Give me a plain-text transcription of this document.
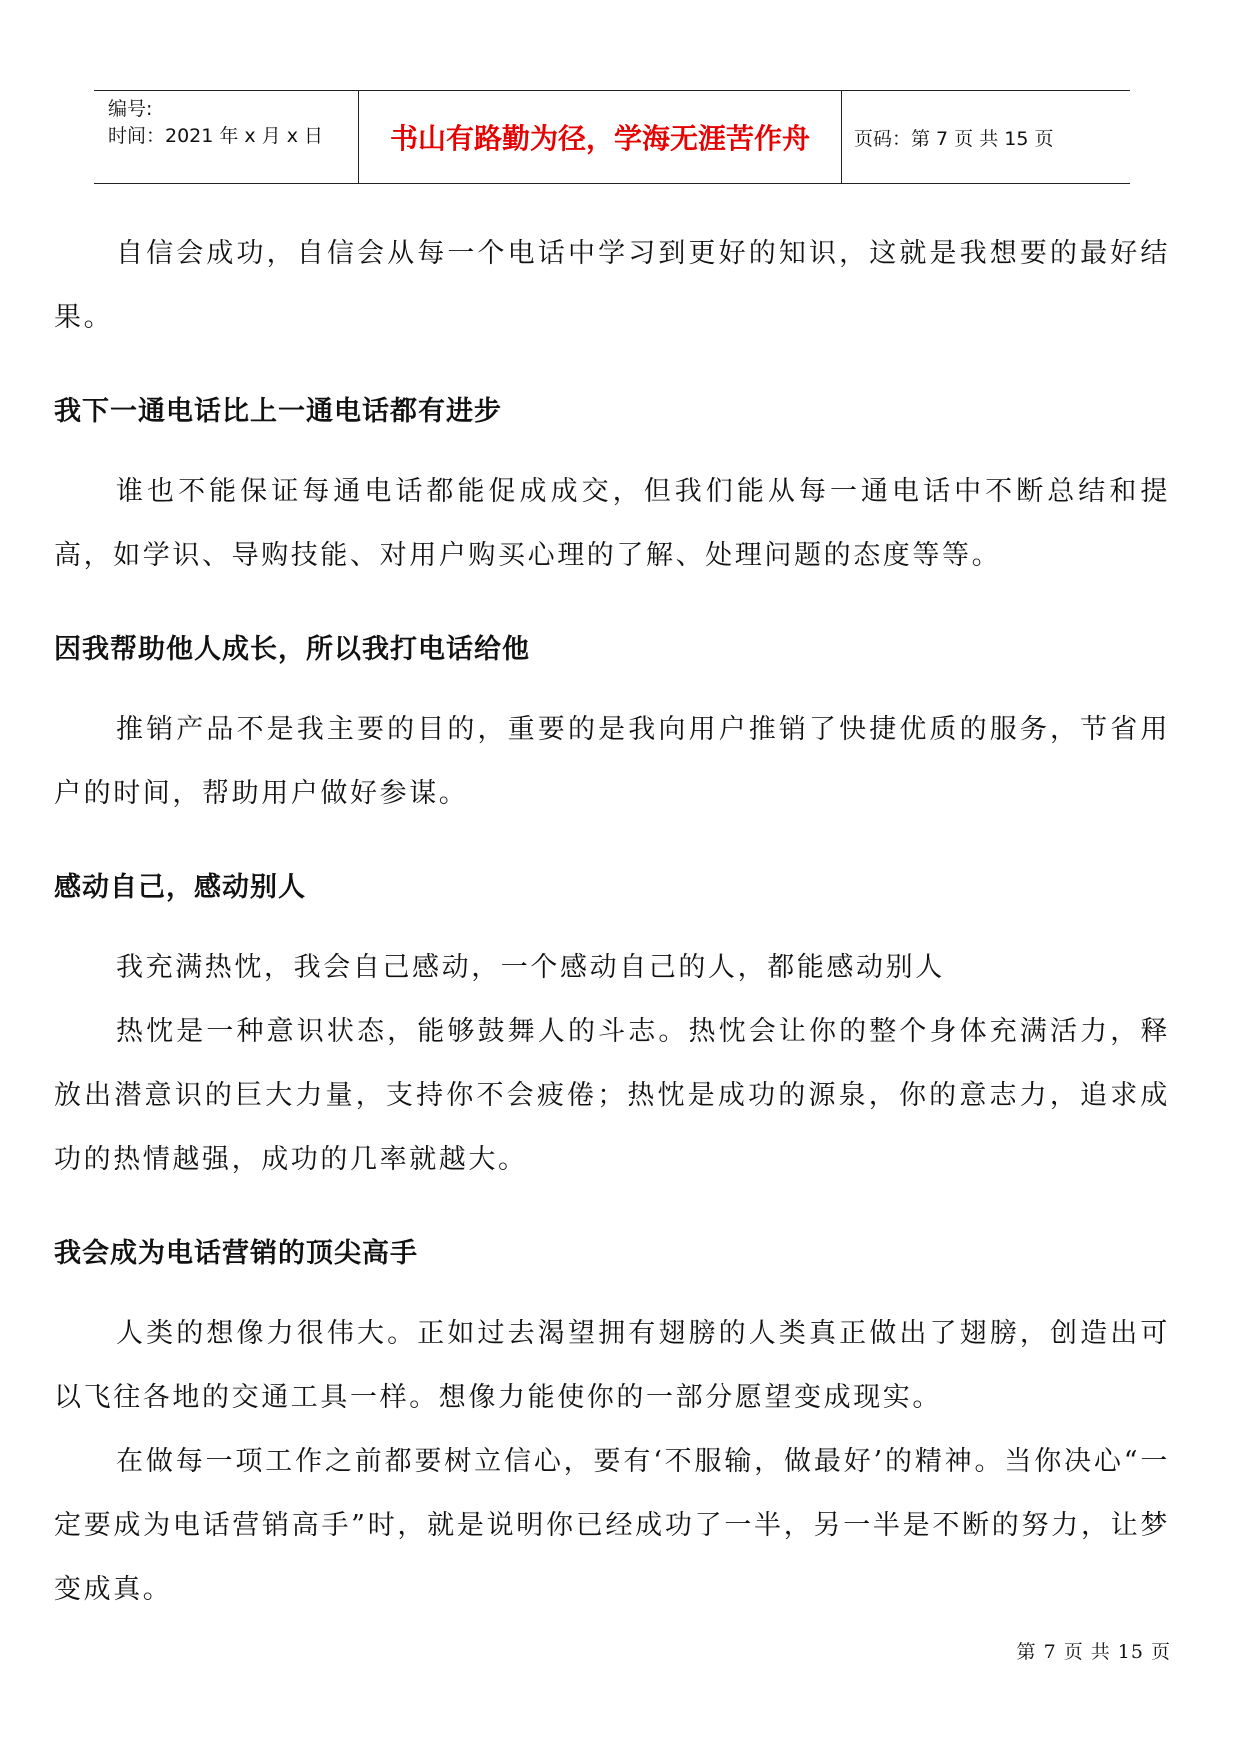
编号:
时间：2021 年 x 月 x 日 书山有路勤为径，学海无涯苦作舟 页码：第 7 页 共 15 页

自信会成功，自信会从每一个电话中学习到更好的知识，这就是我想要的最好结果。

我下一通电话比上一通电话都有进步

谁也不能保证每通电话都能促成成交，但我们能从每一通电话中不断总结和提高，如学识、导购技能、对用户购买心理的了解、处理问题的态度等等。

因我帮助他人成长，所以我打电话给他

推销产品不是我主要的目的，重要的是我向用户推销了快捷优质的服务，节省用户的时间，帮助用户做好参谋。

感动自己，感动别人

我充满热忱，我会自己感动，一个感动自己的人，都能感动别人

热忱是一种意识状态，能够鼓舞人的斗志。热忱会让你的整个身体充满活力，释放出潜意识的巨大力量，支持你不会疲倦；热忱是成功的源泉，你的意志力，追求成功的热情越强，成功的几率就越大。

我会成为电话营销的顶尖高手

人类的想像力很伟大。正如过去渴望拥有翅膀的人类真正做出了翅膀，创造出可以飞往各地的交通工具一样。想像力能使你的一部分愿望变成现实。

在做每一项工作之前都要树立信心，要有‘不服输，做最好’的精神。当你决心“一定要成为电话营销高手”时，就是说明你已经成功了一半，另一半是不断的努力，让梦变成真。

第 7 页 共 15 页
